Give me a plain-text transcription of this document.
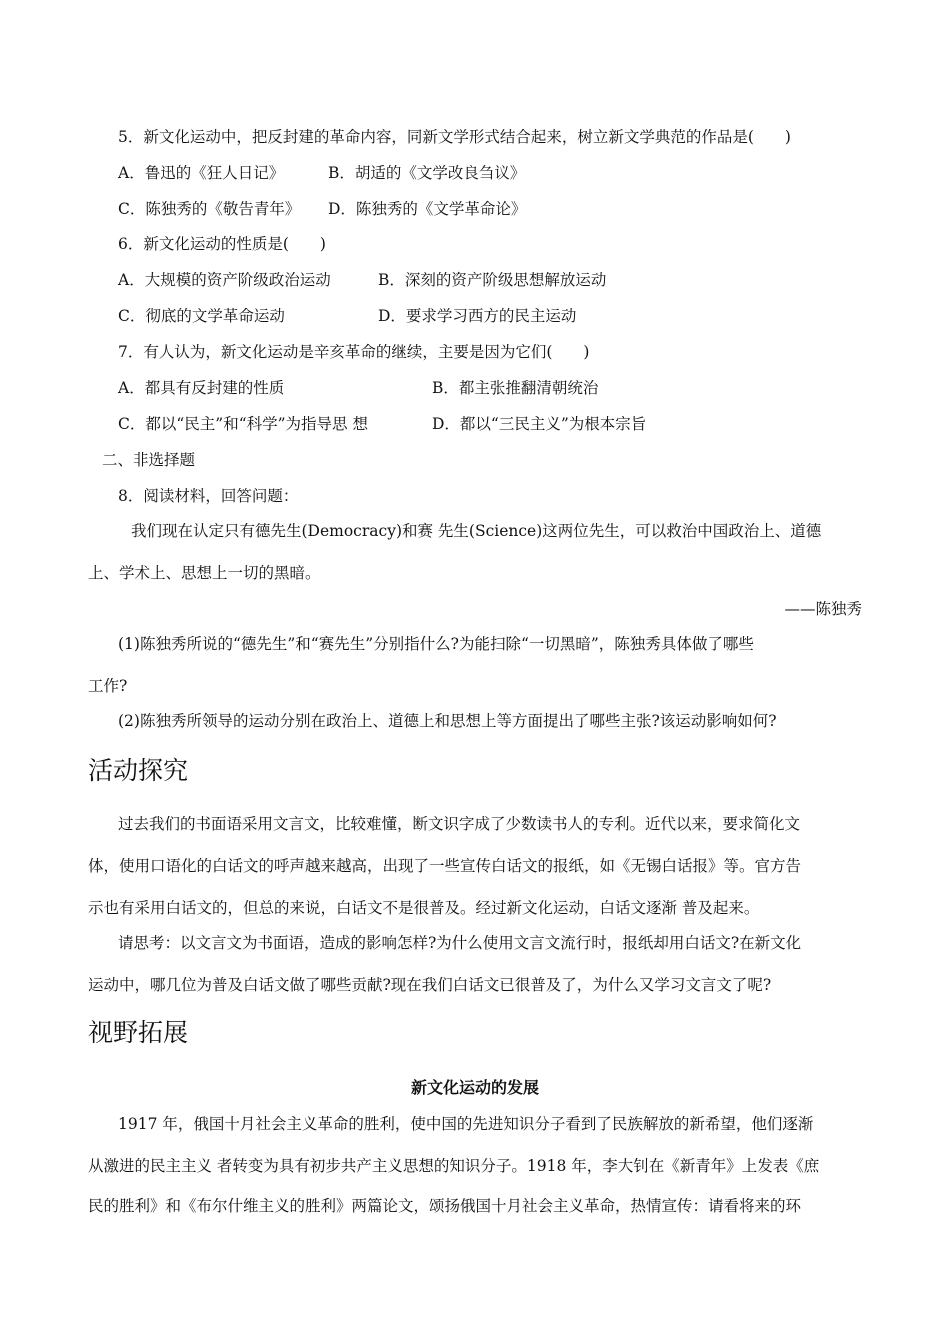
5．新文化运动中，把反封建的革命内容，同新文学形式结合起来，树立新文学典范的作品是(　　)
A．鲁迅的《狂人日记》	B．胡适的《文学改良刍议》
C．陈独秀的《敬告青年》 D．陈独秀的《文学革命论》
6．新文化运动的性质是(　　)
A．大规模的资产阶级政治运动	B．深刻的资产阶级思想解放运动
C．彻底的文学革命运动	D．要求学习西方的民主运动
7．有人认为，新文化运动是辛亥革命的继续，主要是因为它们(　　)
A．都具有反封建的性质	B．都主张推翻清朝统治
C．都以“民主”和“科学”为指导思 想	D．都以“三民主义”为根本宗旨
二、非选择题
8．阅读材料，回答问题：
我们现在认定只有德先生(Democracy)和赛 先生(Science)这两位先生，可以救治中国政治上、道德
上、学术上、思想上一切的黑暗。
——陈独秀
(1)陈独秀所说的“德先生”和“赛先生”分别指什么?为能扫除“一切黑暗”，陈独秀具体做了哪些
工作?
(2)陈独秀所领导的运动分别在政治上、道德上和思想上等方面提出了哪些主张?该运动影响如何?
活动探究
过去我们的书面语采用文言文，比较难懂，断文识字成了少数读书人的专利。近代以来，要求简化文
体，使用口语化的白话文的呼声越来越高，出现了一些宣传白话文的报纸，如《无锡白话报》等。官方告
示也有采用白话文的，但总的来说，白话文不是很普及。经过新文化运动，白话文逐渐 普及起来。
请思考：以文言文为书面语，造成的影响怎样?为什么使用文言文流行时，报纸却用白话文?在新文化
运动中，哪几位为普及白话文做了哪些贡献?现在我们白话文已很普及了，为什么又学习文言文了呢?
视野拓展
新文化运动的发展
1917 年，俄国十月社会主义革命的胜利，使中国的先进知识分子看到了民族解放的新希望，他们逐渐
从激进的民主主义 者转变为具有初步共产主义思想的知识分子。1918 年，李大钊在《新青年》上发表《庶
民的胜利》和《布尔什维主义的胜利》两篇论文，颂扬俄国十月社会主义革命，热情宣传：请看将来的环
